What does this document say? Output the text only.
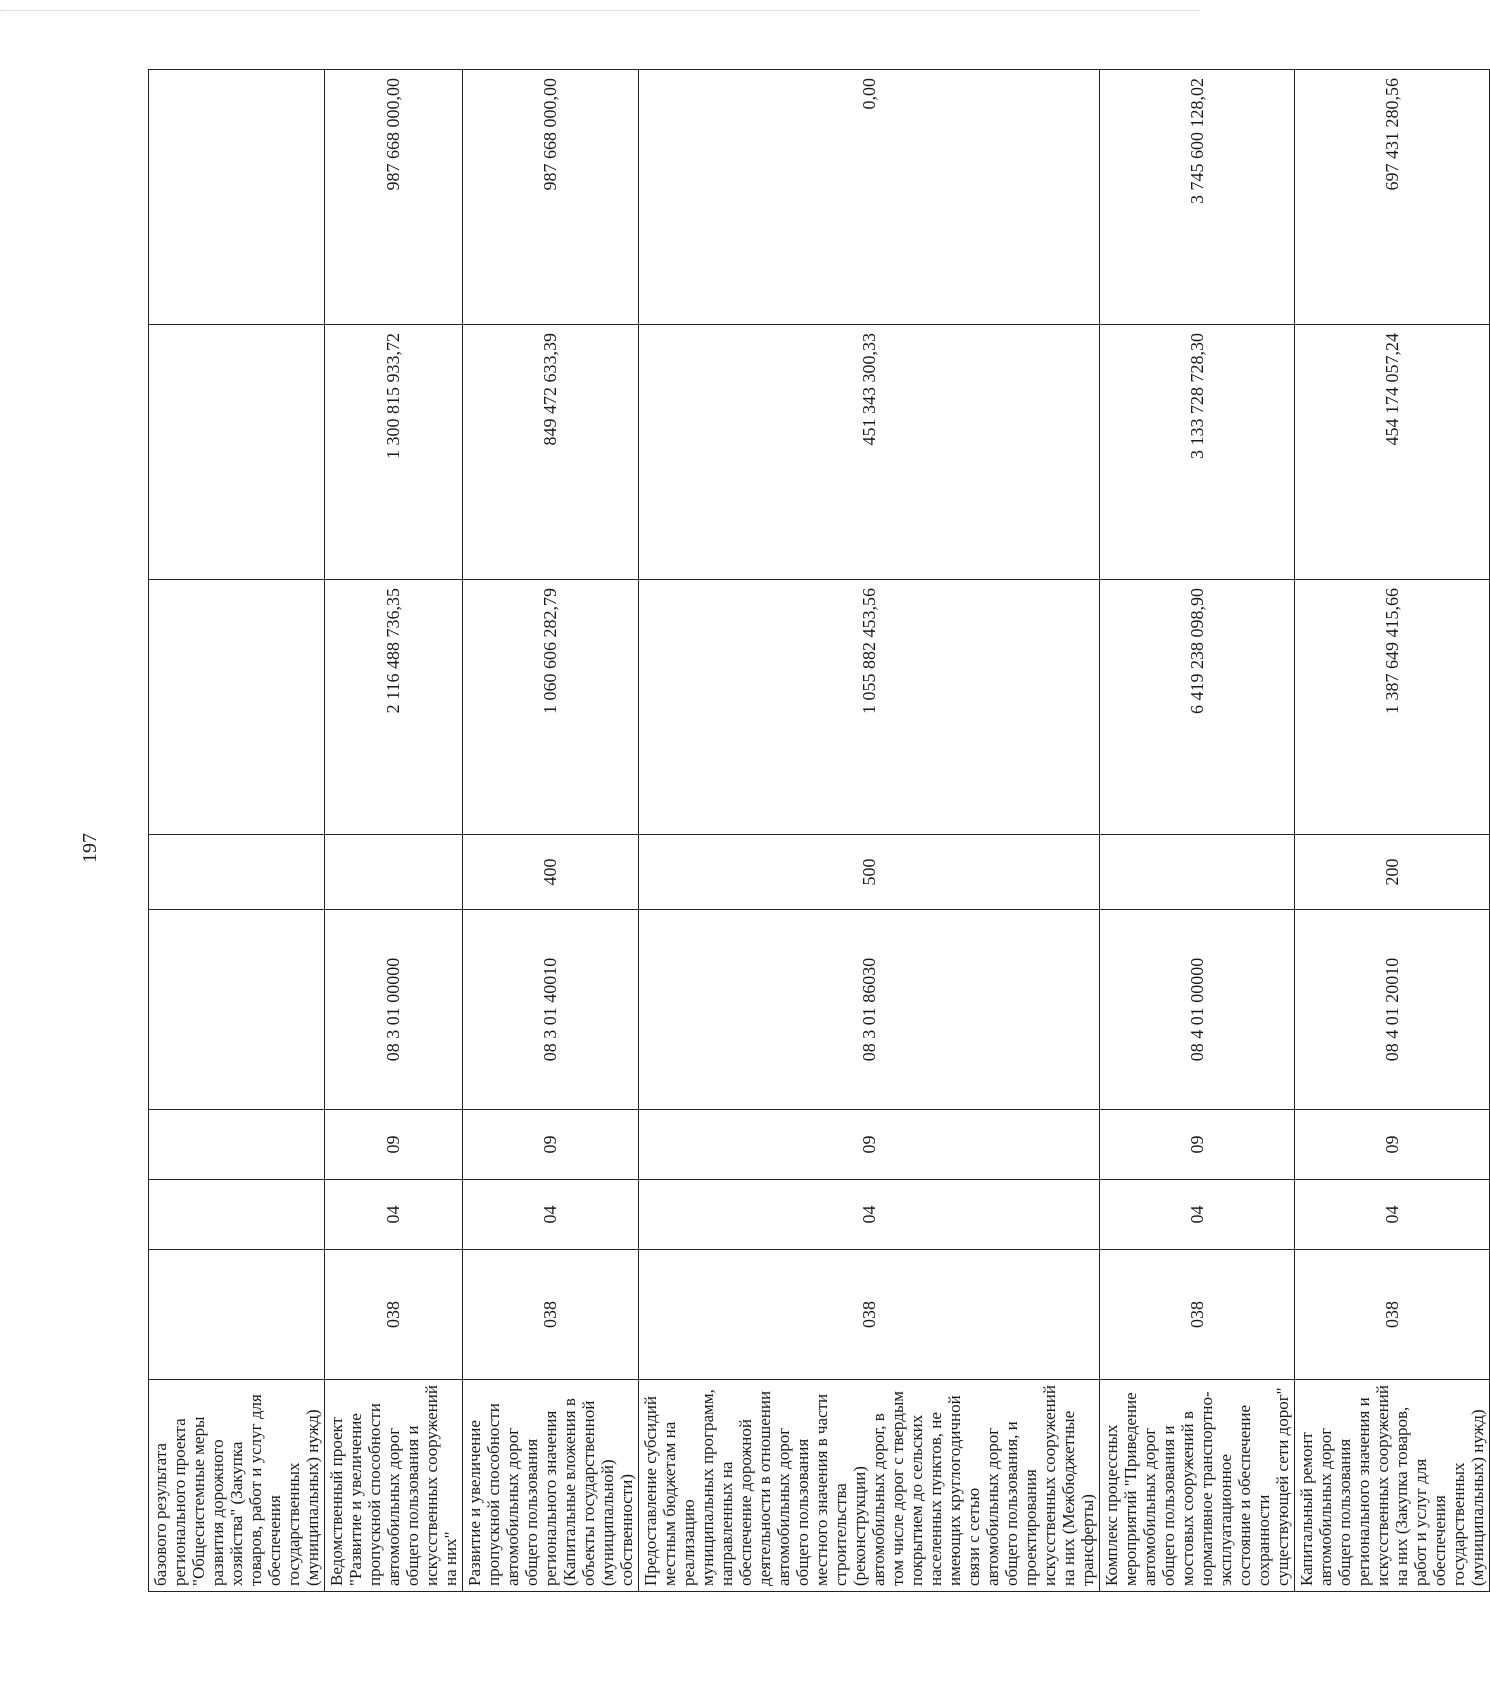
197
базового результата регионального проекта "Общесистемные меры развития дорожного хозяйства" (Закупка товаров, работ и услуг для обеспечения государственных (муниципальных) нужд)								
Ведомственный проект "Развитие и увеличение пропускной способности автомобильных дорог общего пользования и искусственных сооружений на них"	038	04	09	08 3 01 00000		2 116 488 736,35	1 300 815 933,72	987 668 000,00
Развитие и увеличение пропускной способности автомобильных дорог общего пользования регионального значения (Капитальные вложения в объекты государственной (муниципальной) собственности)	038	04	09	08 3 01 40010	400	1 060 606 282,79	849 472 633,39	987 668 000,00
Предоставление субсидий местным бюджетам на реализацию муниципальных программ, направленных на обеспечение дорожной деятельности в отношении автомобильных дорог общего пользования местного значения в части строительства (реконструкции) автомобильных дорог, в том числе дорог с твердым покрытием до сельских населенных пунктов, не имеющих круглогодичной связи с сетью автомобильных дорог общего пользования, и проектирования искусственных сооружений на них (Межбюджетные трансферты)	038	04	09	08 3 01 86030	500	1 055 882 453,56	451 343 300,33	0,00
Комплекс процессных мероприятий "Приведение автомобильных дорог общего пользования и мостовых сооружений в нормативное транспортно-эксплуатационное состояние и обеспечение сохранности существующей сети дорог"	038	04	09	08 4 01 00000		6 419 238 098,90	3 133 728 728,30	3 745 600 128,02
Капитальный ремонт автомобильных дорог общего пользования регионального значения и искусственных сооружений на них (Закупка товаров, работ и услуг для обеспечения государственных (муниципальных) нужд)	038	04	09	08 4 01 20010	200	1 387 649 415,66	454 174 057,24	697 431 280,56
